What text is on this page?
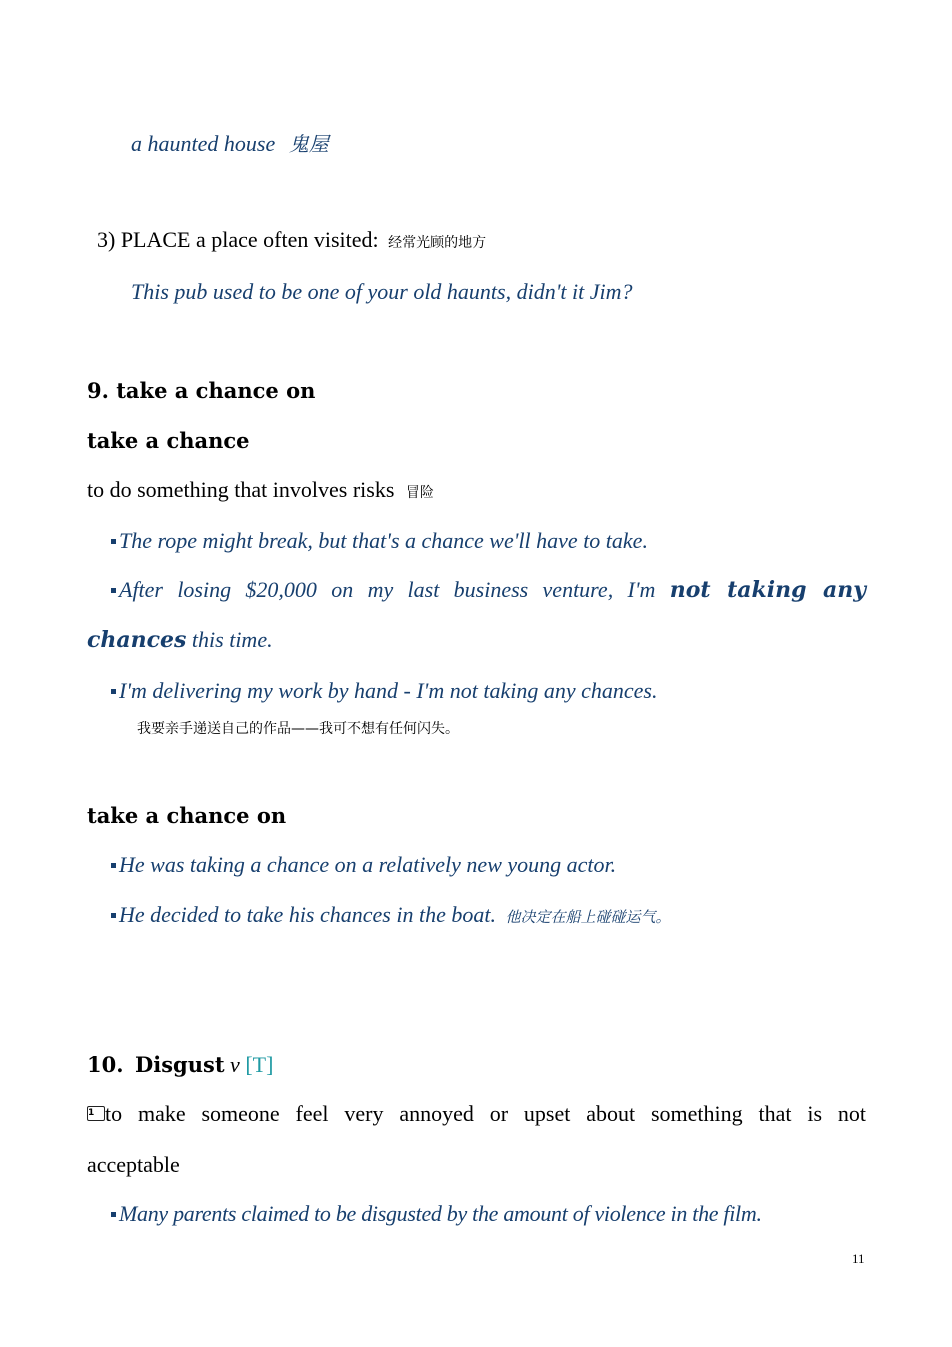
a haunted house 鬼屋
3) PLACE a place often visited: 经常光顾的地方
This pub used to be one of your old haunts, didn't it Jim?
9. take a chance on
take a chance
to do something that involves risks 冒险
The rope might break, but that's a chance we'll have to take.
After losing $20,000 on my last business venture, I'm not taking any
chances this time.
I'm delivering my work by hand - I'm not taking any chances.
我要亲手递送自己的作品——我可不想有任何闪失。
take a chance on
He was taking a chance on a relatively new young actor.
He decided to take his chances in the boat. 他决定在船上碰碰运气。
10. Disgust v [T]
1 to make someone feel very annoyed or upset about something that is not
acceptable
Many parents claimed to be disgusted by the amount of violence in the film.
11
